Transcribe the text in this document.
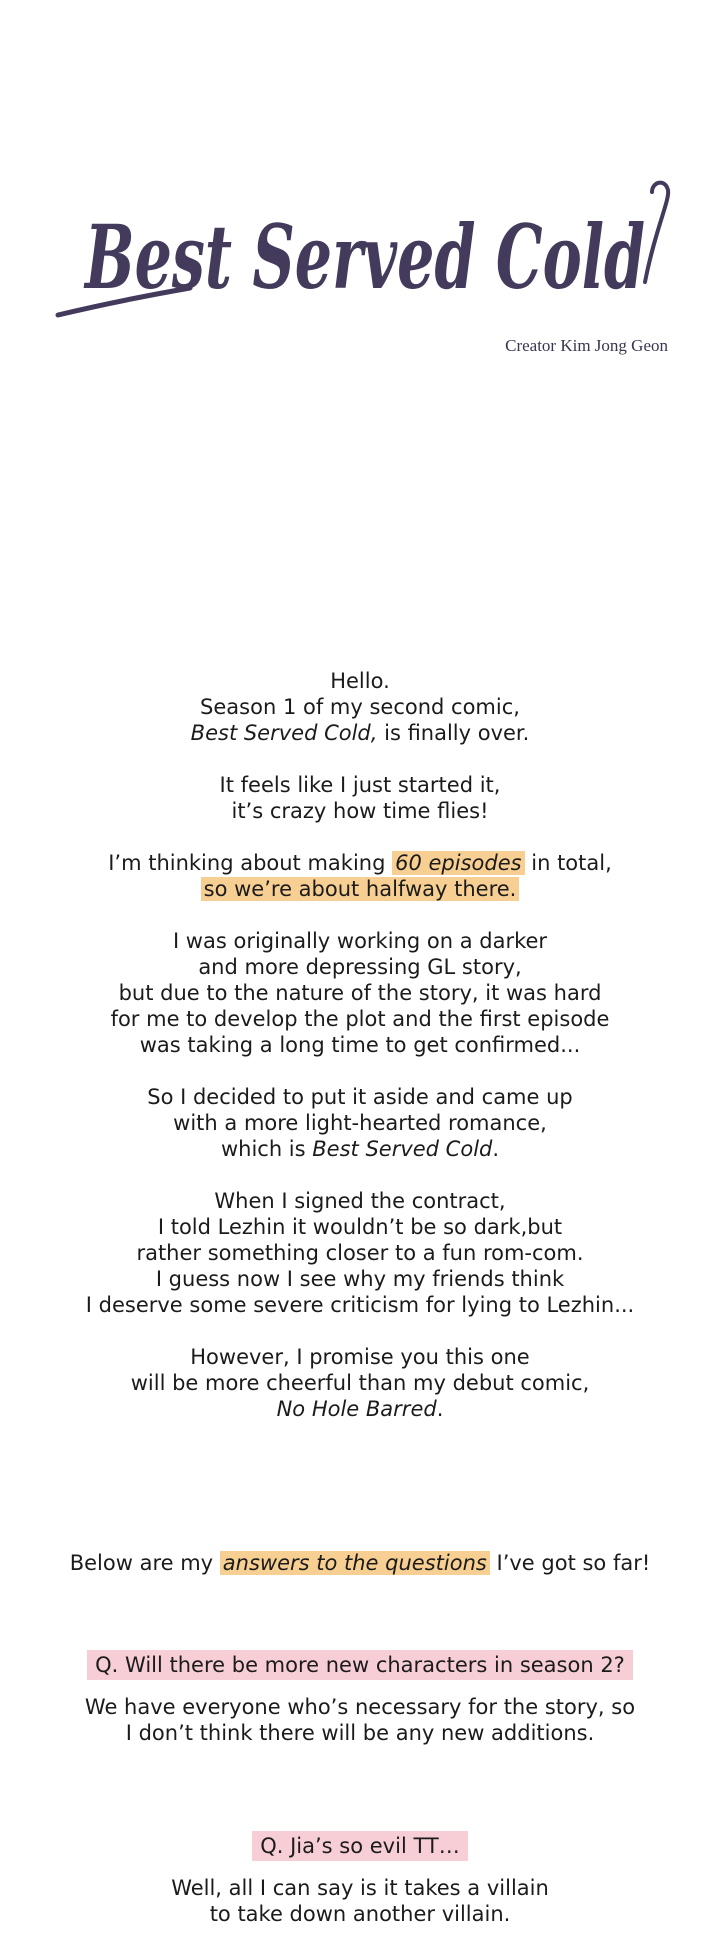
Best Served Cold
Creator Kim Jong Geon

Hello.

Season 1 of my second comic,

Best Served Cold, is finally over.

It feels like I just started it,

it’s crazy how time flies!

I’m thinking about making 60 episodes in total,

so we’re about halfway there.

I was originally working on a darker

and more depressing GL story,

but due to the nature of the story, it was hard

for me to develop the plot and the first episode

was taking a long time to get confirmed...

So I decided to put it aside and came up

with a more light-hearted romance,

which is Best Served Cold.

When I signed the contract,

I told Lezhin it wouldn’t be so dark,but

rather something closer to a fun rom-com.

I guess now I see why my friends think

I deserve some severe criticism for lying to Lezhin...

However, I promise you this one

will be more cheerful than my debut comic,

No Hole Barred.

Below are my answers to the questions I’ve got so far!

Q. Will there be more new characters in season 2?

We have everyone who’s necessary for the story, so

I don’t think there will be any new additions.

Q. Jia’s so evil TT…

Well, all I can say is it takes a villain

to take down another villain.
